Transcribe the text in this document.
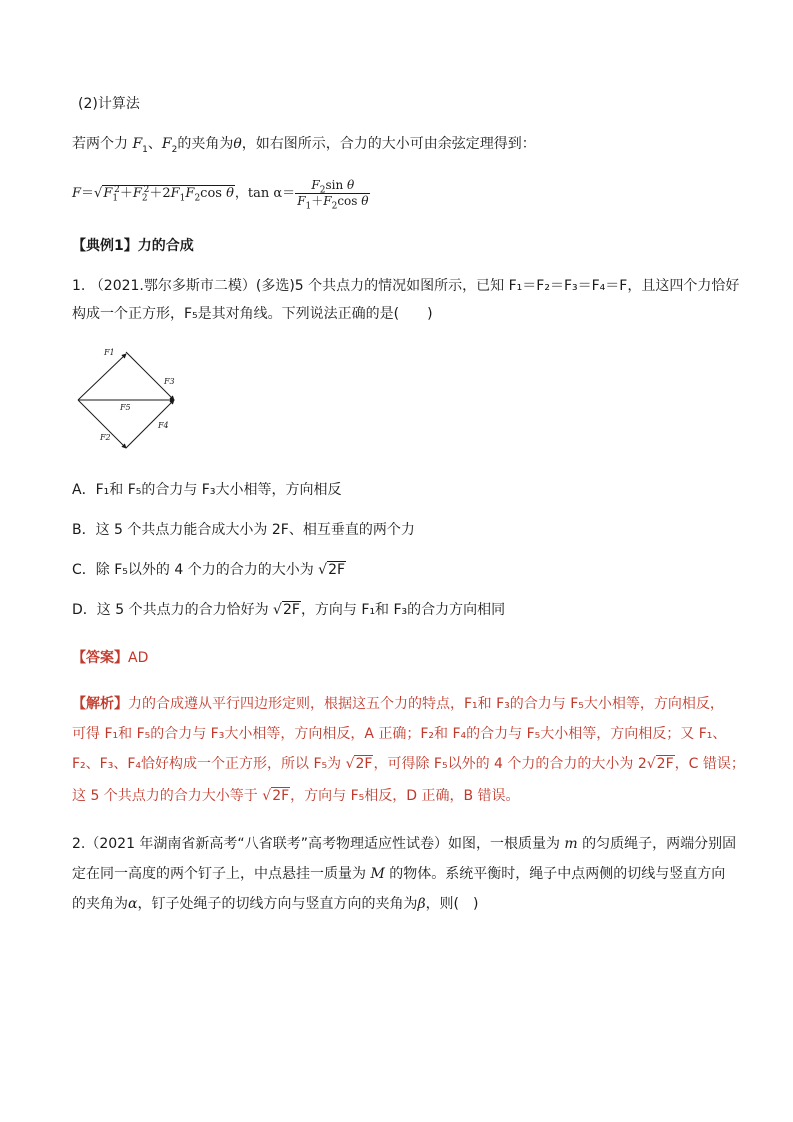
(2)计算法
若两个力 $F_1$、$F_2$的夹角为θ，如右图所示，合力的大小可由余弦定理得到：
$F=√F_1^2+F_2^2+2F_1F_2\cos$ θ，$\tan \alpha= \frac{F_2\sin \theta}{F_1+F_2\cos \theta}$
【典例1】力的合成
1. （2021.鄂尔多斯市二模）(多选)5 个共点力的情况如图所示，已知 F₁＝F₂＝F₃＝F₄＝F，且这四个力恰好
构成一个正方形，F₅是其对角线。下列说法正确的是(　　)
F1
F2
F3
F4
F5
A．F₁和 F₅的合力与 F₃大小相等，方向相反
B．这 5 个共点力能合成大小为 2F、相互垂直的两个力
C．除 F₅以外的 4 个力的合力的大小为 √2F
D．这 5 个共点力的合力恰好为 √2F，方向与 F₁和 F₃的合力方向相同
【答案】AD
【解析】力的合成遵从平行四边形定则，根据这五个力的特点，F₁和 F₃的合力与 F₅大小相等，方向相反，
可得 F₁和 F₅的合力与 F₃大小相等，方向相反，A 正确；F₂和 F₄的合力与 F₅大小相等，方向相反；又 F₁、
F₂、F₃、F₄恰好构成一个正方形，所以 F₅为 √2F，可得除 F₅以外的 4 个力的合力的大小为 2√2F，C 错误；
这 5 个共点力的合力大小等于 √2F，方向与 F₅相反，D 正确，B 错误。
2.（2021 年湖南省新高考“八省联考”高考物理适应性试卷）如图，一根质量为 m 的匀质绳子，两端分别固
定在同一高度的两个钉子上，中点悬挂一质量为 M 的物体。系统平衡时，绳子中点两侧的切线与竖直方向
的夹角为α，钉子处绳子的切线方向与竖直方向的夹角为β，则(　)
